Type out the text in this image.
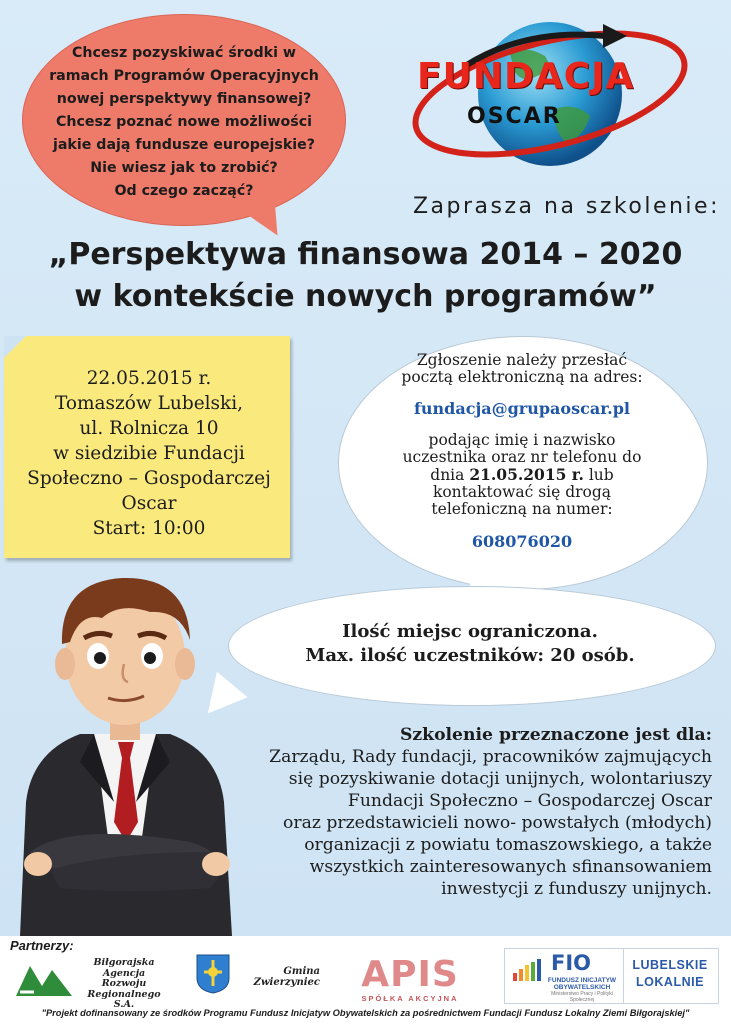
Chcesz pozyskiwać środki w
ramach Programów Operacyjnych
nowej perspektywy finansowej?
Chcesz poznać nowe możliwości
jakie dają fundusze europejskie?
Nie wiesz jak to zrobić?
Od czego zacząć?
FUNDACJA
OSCAR
Zaprasza na szkolenie:
„Perspektywa finansowa 2014 – 2020
w kontekście nowych programów”
22.05.2015 r.
Tomaszów Lubelski,
ul. Rolnicza 10
w siedzibie Fundacji
Społeczno – Gospodarczej
Oscar
Start: 10:00
Zgłoszenie należy przesłać
pocztą elektroniczną na adres:
fundacja@grupaoscar.pl
podając imię i nazwisko
uczestnika oraz nr telefonu do
dnia 21.05.2015 r. lub
kontaktować się drogą
telefoniczną na numer:
608076020
Ilość miejsc ograniczona.
Max. ilość uczestników: 20 osób.
Szkolenie przeznaczone jest dla:
Zarządu, Rady fundacji, pracowników zajmujących
się pozyskiwanie dotacji unijnych, wolontariuszy
Fundacji Społeczno – Gospodarczej Oscar
oraz przedstawicieli nowo- powstałych (młodych)
organizacji z powiatu tomaszowskiego, a także
wszystkich zainteresowanych sfinansowaniem
inwestycji z funduszy unijnych.
Partnerzy:
Biłgorajska
Agencja Rozwoju
Regionalnego S.A.
Gmina
Zwierzyniec	APIS
SPÓŁKA AKCYJNA
FIO
FUNDUSZ INICJATYW
OBYWATELSKICH
Ministerstwo Pracy i Polityki Społecznej
LUBELSKIE
LOKALNIE
"Projekt dofinansowany ze środków Programu Fundusz Inicjatyw Obywatelskich za pośrednictwem Fundacji Fundusz Lokalny Ziemi Biłgorajskiej"
